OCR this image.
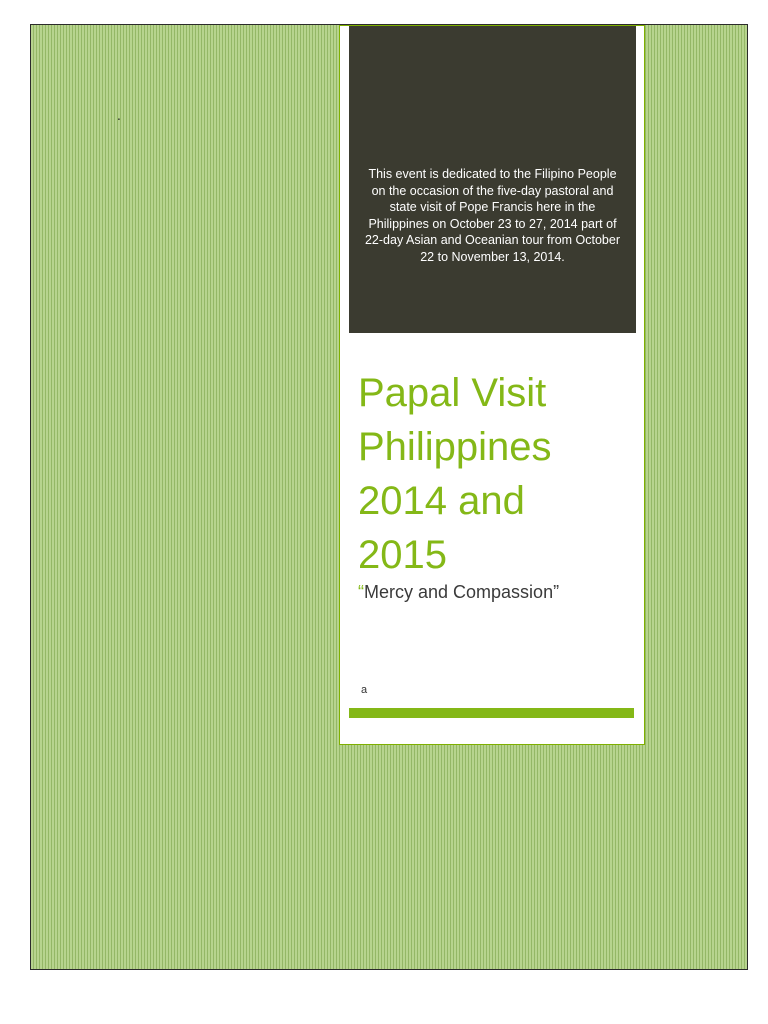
.
This event is dedicated to the Filipino People on the occasion of the five-day pastoral and state visit of Pope Francis here in the Philippines on October 23 to 27, 2014 part of 22-day Asian and Oceanian tour from October 22 to November 13, 2014.
Papal Visit
Philippines
2014 and
2015
“Mercy and Compassion”
a
